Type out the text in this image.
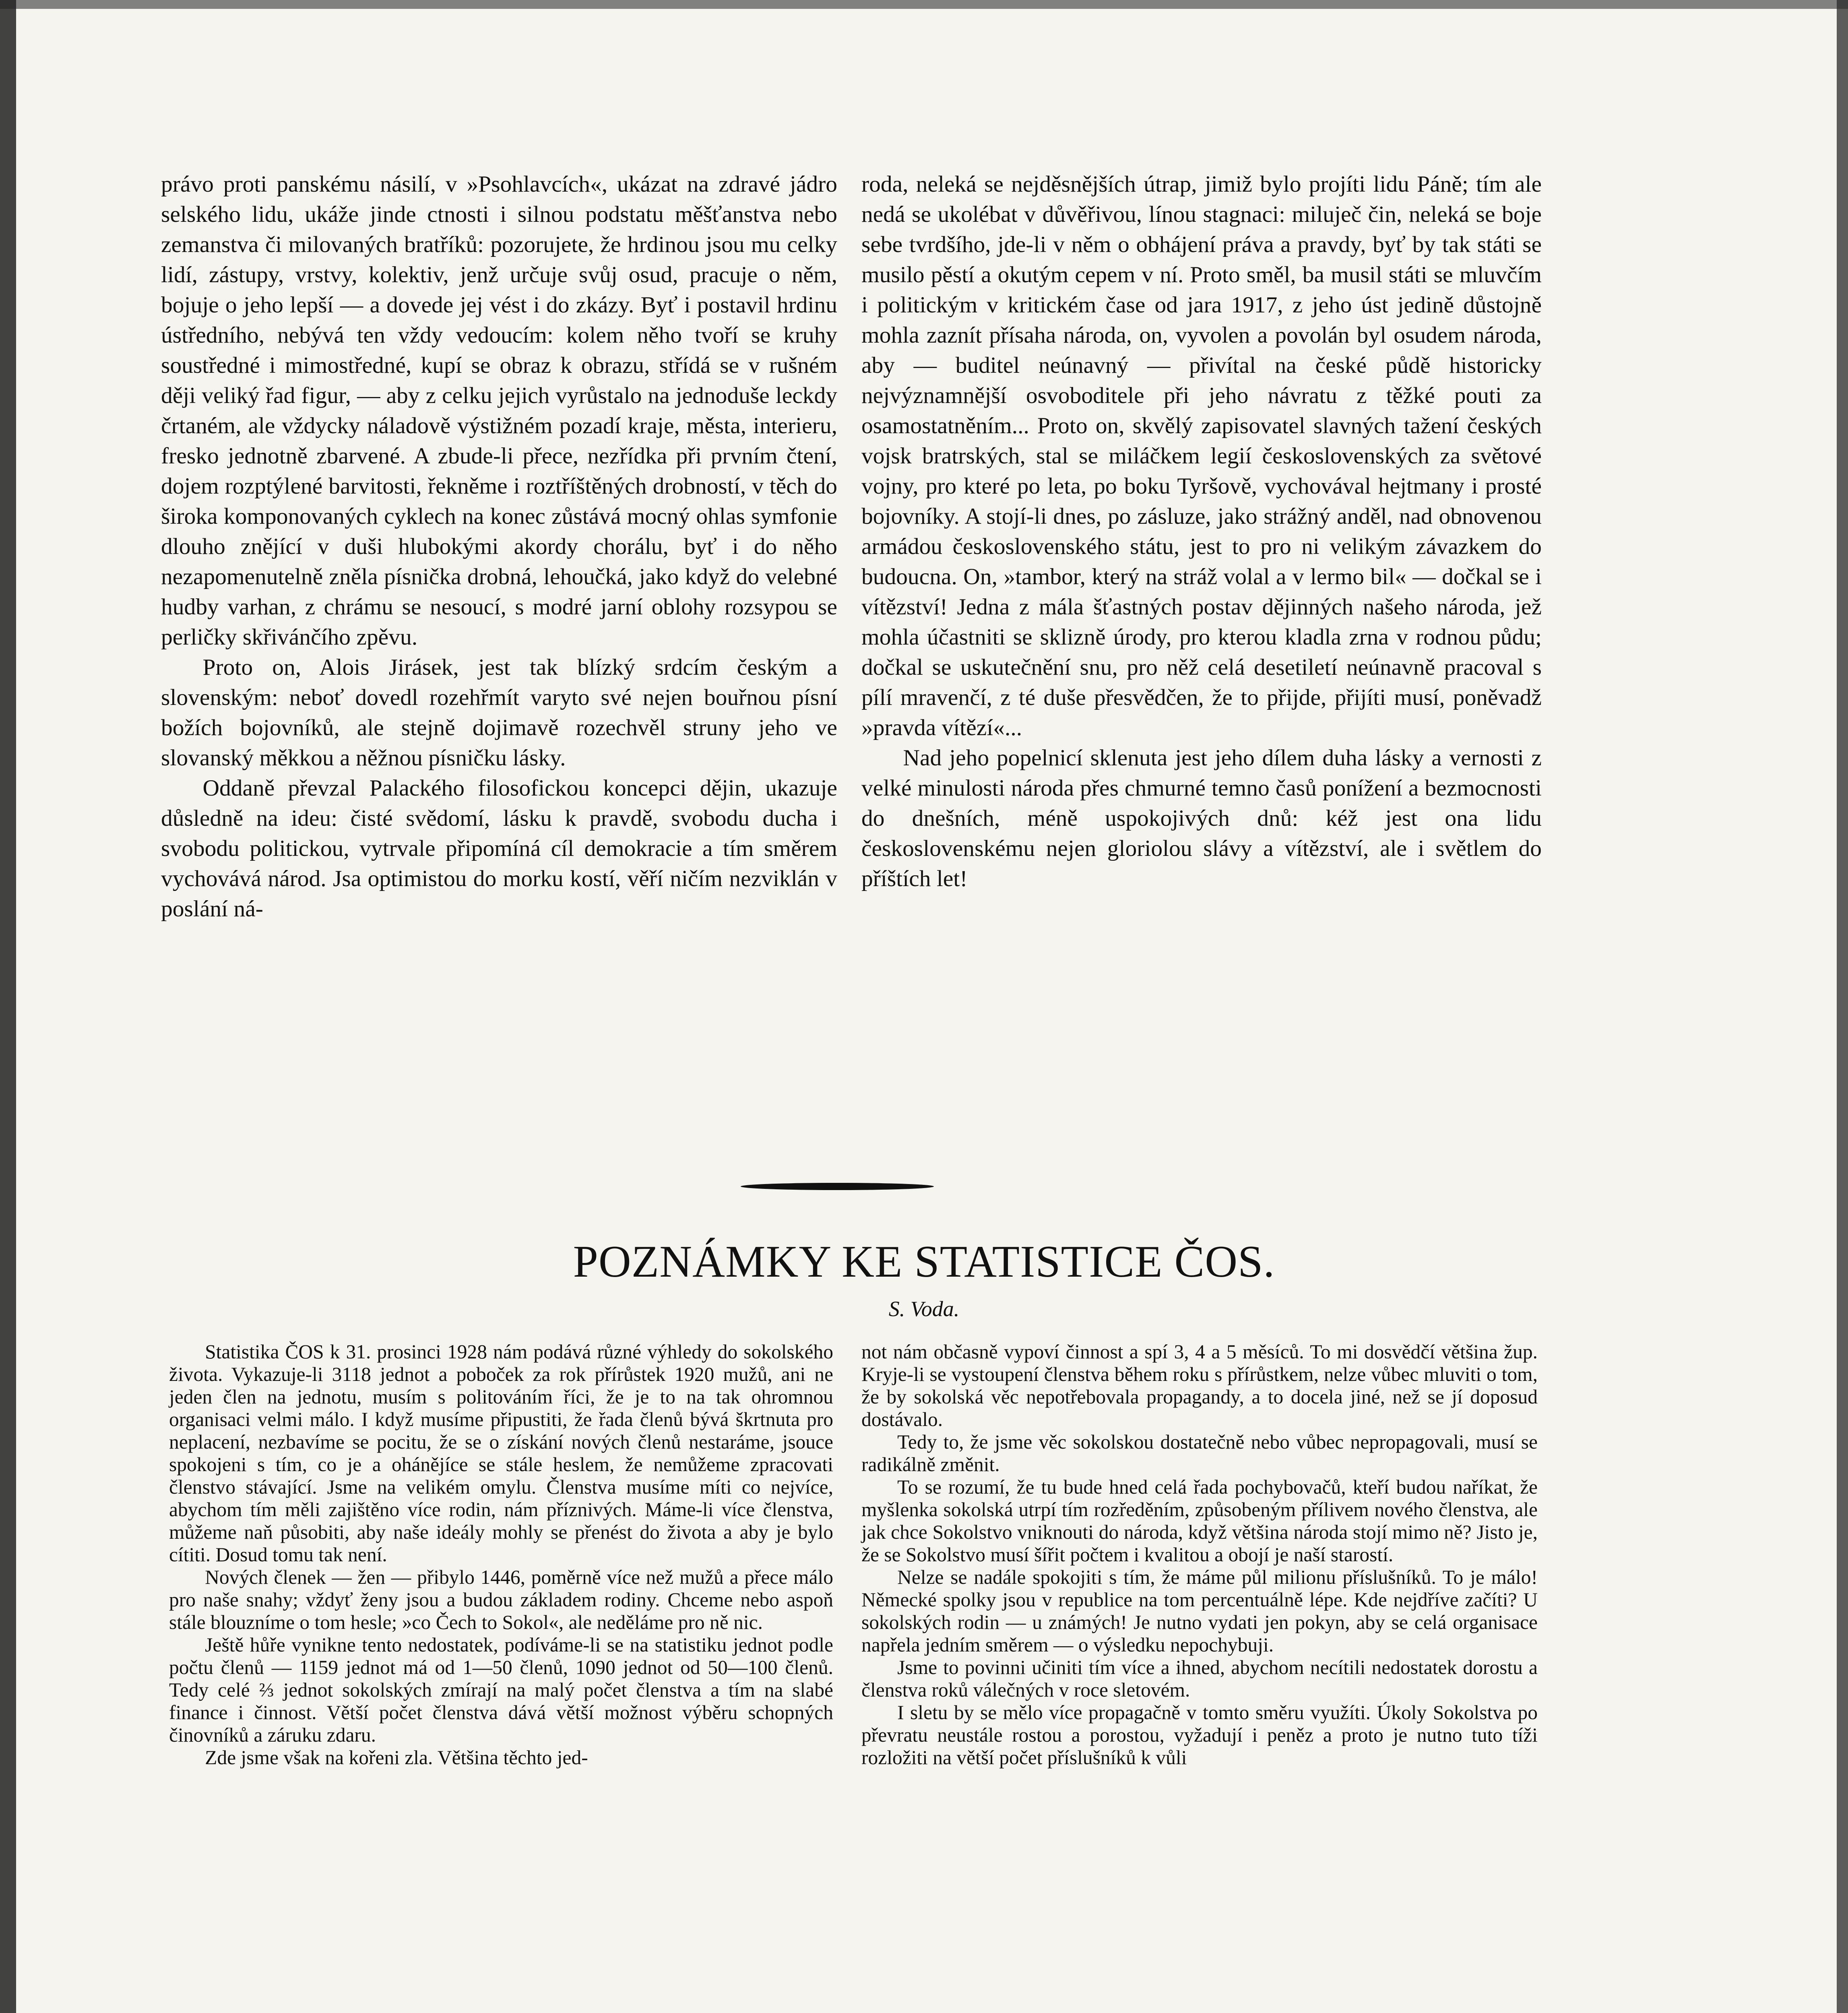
právo proti panskému násilí, v »Psohlavcích«, ukázat na zdravé jádro selského lidu, ukáže jinde ctnosti i silnou podstatu měšťanstva nebo zemanstva či milovaných bratříků: pozorujete, že hrdinou jsou mu celky lidí, zástupy, vrstvy, kolektiv, jenž určuje svůj osud, pracuje o něm, bojuje o jeho lepší — a dovede jej vést i do zkázy. Byť i postavil hrdinu ústředního, nebývá ten vždy vedoucím: kolem něho tvoří se kruhy soustředné i mimostředné, kupí se obraz k obrazu, střídá se v rušném ději veliký řad figur, — aby z celku jejich vyrůstalo na jednoduše leckdy črtaném, ale vždycky náladově výstižném pozadí kraje, města, interieru, fresko jednotně zbarvené. A zbude-li přece, nezřídka při prvním čtení, dojem rozptýlené barvitosti, řekněme i roztříštěných drobností, v těch do široka komponovaných cyklech na konec zůstává mocný ohlas symfonie dlouho znějící v duši hlubokými akordy chorálu, byť i do něho nezapomenutelně zněla písnička drobná, lehoučká, jako když do velebné hudby varhan, z chrámu se nesoucí, s modré jarní oblohy rozsypou se perličky skřivánčího zpěvu.

Proto on, Alois Jirásek, jest tak blízký srdcím českým a slovenským: neboť dovedl rozehřmít varyto své nejen bouřnou písní božích bojovníků, ale stejně dojimavě rozechvěl struny jeho ve slovanský měkkou a něžnou písničku lásky.

Oddaně převzal Palackého filosofickou koncepci dějin, ukazuje důsledně na ideu: čisté svědomí, lásku k pravdě, svobodu ducha i svobodu politickou, vytrvale připomíná cíl demokracie a tím směrem vychovává národ. Jsa optimistou do morku kostí, věří ničím nezviklán v poslání ná-

roda, neleká se nejděsnějších útrap, jimiž bylo projíti lidu Páně; tím ale nedá se ukolébat v důvěřivou, línou stagnaci: miluječ čin, neleká se boje sebe tvrdšího, jde-li v něm o obhájení práva a pravdy, byť by tak státi se musilo pěstí a okutým cepem v ní. Proto směl, ba musil státi se mluvčím i politickým v kritickém čase od jara 1917, z jeho úst jedině důstojně mohla zaznít přísaha národa, on, vyvolen a povolán byl osudem národa, aby — buditel neúnavný — přivítal na české půdě historicky nejvýznamnější osvoboditele při jeho návratu z těžké pouti za osamostatněním... Proto on, skvělý zapisovatel slavných tažení českých vojsk bratrských, stal se miláčkem legií československých za světové vojny, pro které po leta, po boku Tyršově, vychovával hejtmany i prosté bojovníky. A stojí-li dnes, po zásluze, jako strážný anděl, nad obnovenou armádou československého státu, jest to pro ni velikým závazkem do budoucna. On, »tambor, který na stráž volal a v lermo bil« — dočkal se i vítězství! Jedna z mála šťastných postav dějinných našeho národa, jež mohla účastniti se sklizně úrody, pro kterou kladla zrna v rodnou půdu; dočkal se uskutečnění snu, pro něž celá desetiletí neúnavně pracoval s pílí mravenčí, z té duše přesvědčen, že to přijde, přijíti musí, poněvadž »pravda vítězí«...

Nad jeho popelnicí sklenuta jest jeho dílem duha lásky a vernosti z velké minulosti národa přes chmurné temno časů ponížení a bezmocnosti do dnešních, méně uspokojivých dnů: kéž jest ona lidu československému nejen gloriolou slávy a vítězství, ale i světlem do příštích let!

POZNÁMKY KE STATISTICE ČOS.
S. Voda.

Statistika ČOS k 31. prosinci 1928 nám podává různé výhledy do sokolského života. Vykazuje-li 3118 jednot a poboček za rok přírůstek 1920 mužů, ani ne jeden člen na jednotu, musím s politováním říci, že je to na tak ohromnou organisaci velmi málo. I když musíme připustiti, že řada členů bývá škrtnuta pro neplacení, nezbavíme se pocitu, že se o získání nových členů nestaráme, jsouce spokojeni s tím, co je a ohánějíce se stále heslem, že nemůžeme zpracovati členstvo stávající. Jsme na velikém omylu. Členstva musíme míti co nejvíce, abychom tím měli zajištěno více rodin, nám příznivých. Máme-li více členstva, můžeme naň působiti, aby naše ideály mohly se přenést do života a aby je bylo cítiti. Dosud tomu tak není.

Nových členek — žen — přibylo 1446, poměrně více než mužů a přece málo pro naše snahy; vždyť ženy jsou a budou základem rodiny. Chceme nebo aspoň stále blouzníme o tom hesle; »co Čech to Sokol«, ale neděláme pro ně nic.

Ještě hůře vynikne tento nedostatek, podíváme-li se na statistiku jednot podle počtu členů — 1159 jednot má od 1—50 členů, 1090 jednot od 50—100 členů. Tedy celé ⅔ jednot sokolských zmírají na malý počet členstva a tím na slabé finance i činnost. Větší počet členstva dává větší možnost výběru schopných činovníků a záruku zdaru.

Zde jsme však na kořeni zla. Většina těchto jed-

not nám občasně vypoví činnost a spí 3, 4 a 5 měsíců. To mi dosvědčí většina žup. Kryje-li se vystoupení členstva během roku s přírůstkem, nelze vůbec mluviti o tom, že by sokolská věc nepotřebovala propagandy, a to docela jiné, než se jí doposud dostávalo.

Tedy to, že jsme věc sokolskou dostatečně nebo vůbec nepropagovali, musí se radikálně změnit.

To se rozumí, že tu bude hned celá řada pochybovačů, kteří budou naříkat, že myšlenka sokolská utrpí tím rozředěním, způsobeným přílivem nového členstva, ale jak chce Sokolstvo vniknouti do národa, když většina národa stojí mimo ně? Jisto je, že se Sokolstvo musí šířit počtem i kvalitou a obojí je naší starostí.

Nelze se nadále spokojiti s tím, že máme půl milionu příslušníků. To je málo! Německé spolky jsou v republice na tom percentuálně lépe. Kde nejdříve začíti? U sokolských rodin — u známých! Je nutno vydati jen pokyn, aby se celá organisace napřela jedním směrem — o výsledku nepochybuji.

Jsme to povinni učiniti tím více a ihned, abychom necítili nedostatek dorostu a členstva roků válečných v roce sletovém.

I sletu by se mělo více propagačně v tomto směru využíti. Úkoly Sokolstva po převratu neustále rostou a porostou, vyžadují i peněz a proto je nutno tuto tíži rozložiti na větší počet příslušníků k vůli
